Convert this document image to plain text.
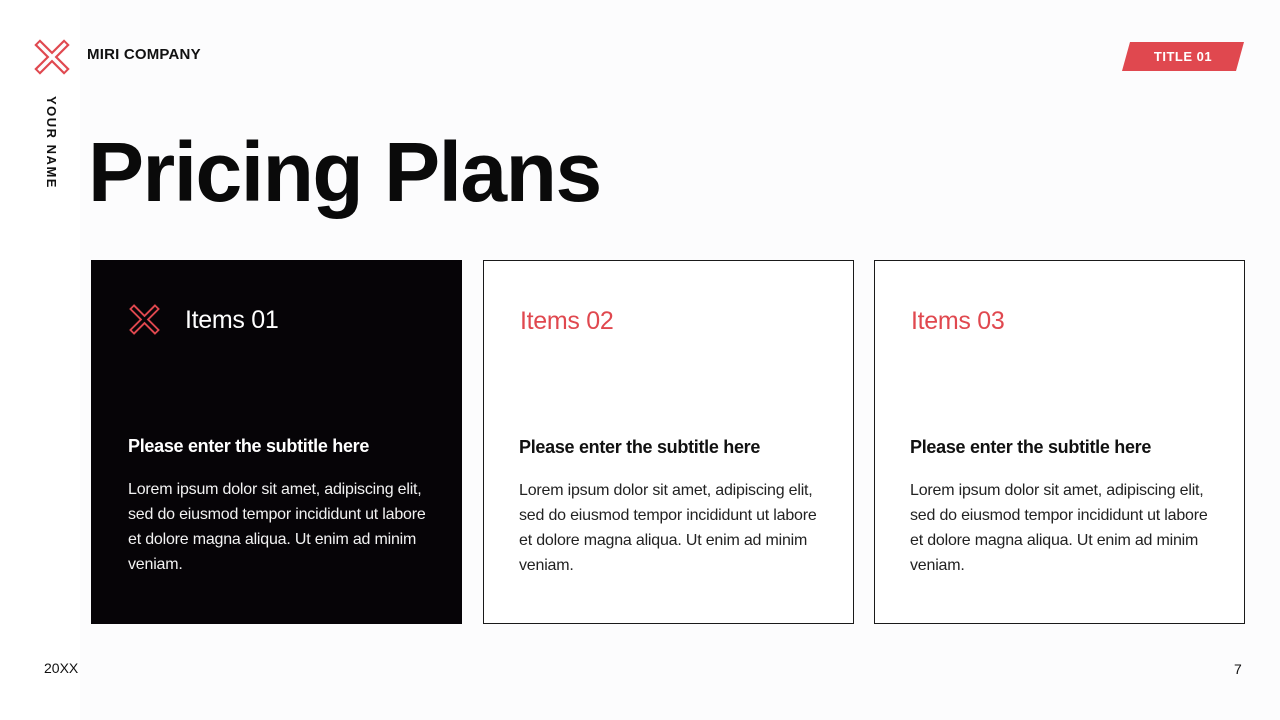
MIRI COMPANY
YOUR NAME
TITLE 01
Pricing Plans
Items 01
Please enter the subtitle here

Lorem ipsum dolor sit amet, adipiscing elit, sed do eiusmod tempor incididunt ut labore et dolore magna aliqua. Ut enim ad minim veniam.

Items 02
Please enter the subtitle here

Lorem ipsum dolor sit amet, adipiscing elit, sed do eiusmod tempor incididunt ut labore et dolore magna aliqua. Ut enim ad minim veniam.

Items 03
Please enter the subtitle here

Lorem ipsum dolor sit amet, adipiscing elit, sed do eiusmod tempor incididunt ut labore et dolore magna aliqua. Ut enim ad minim veniam.

20XX	7
